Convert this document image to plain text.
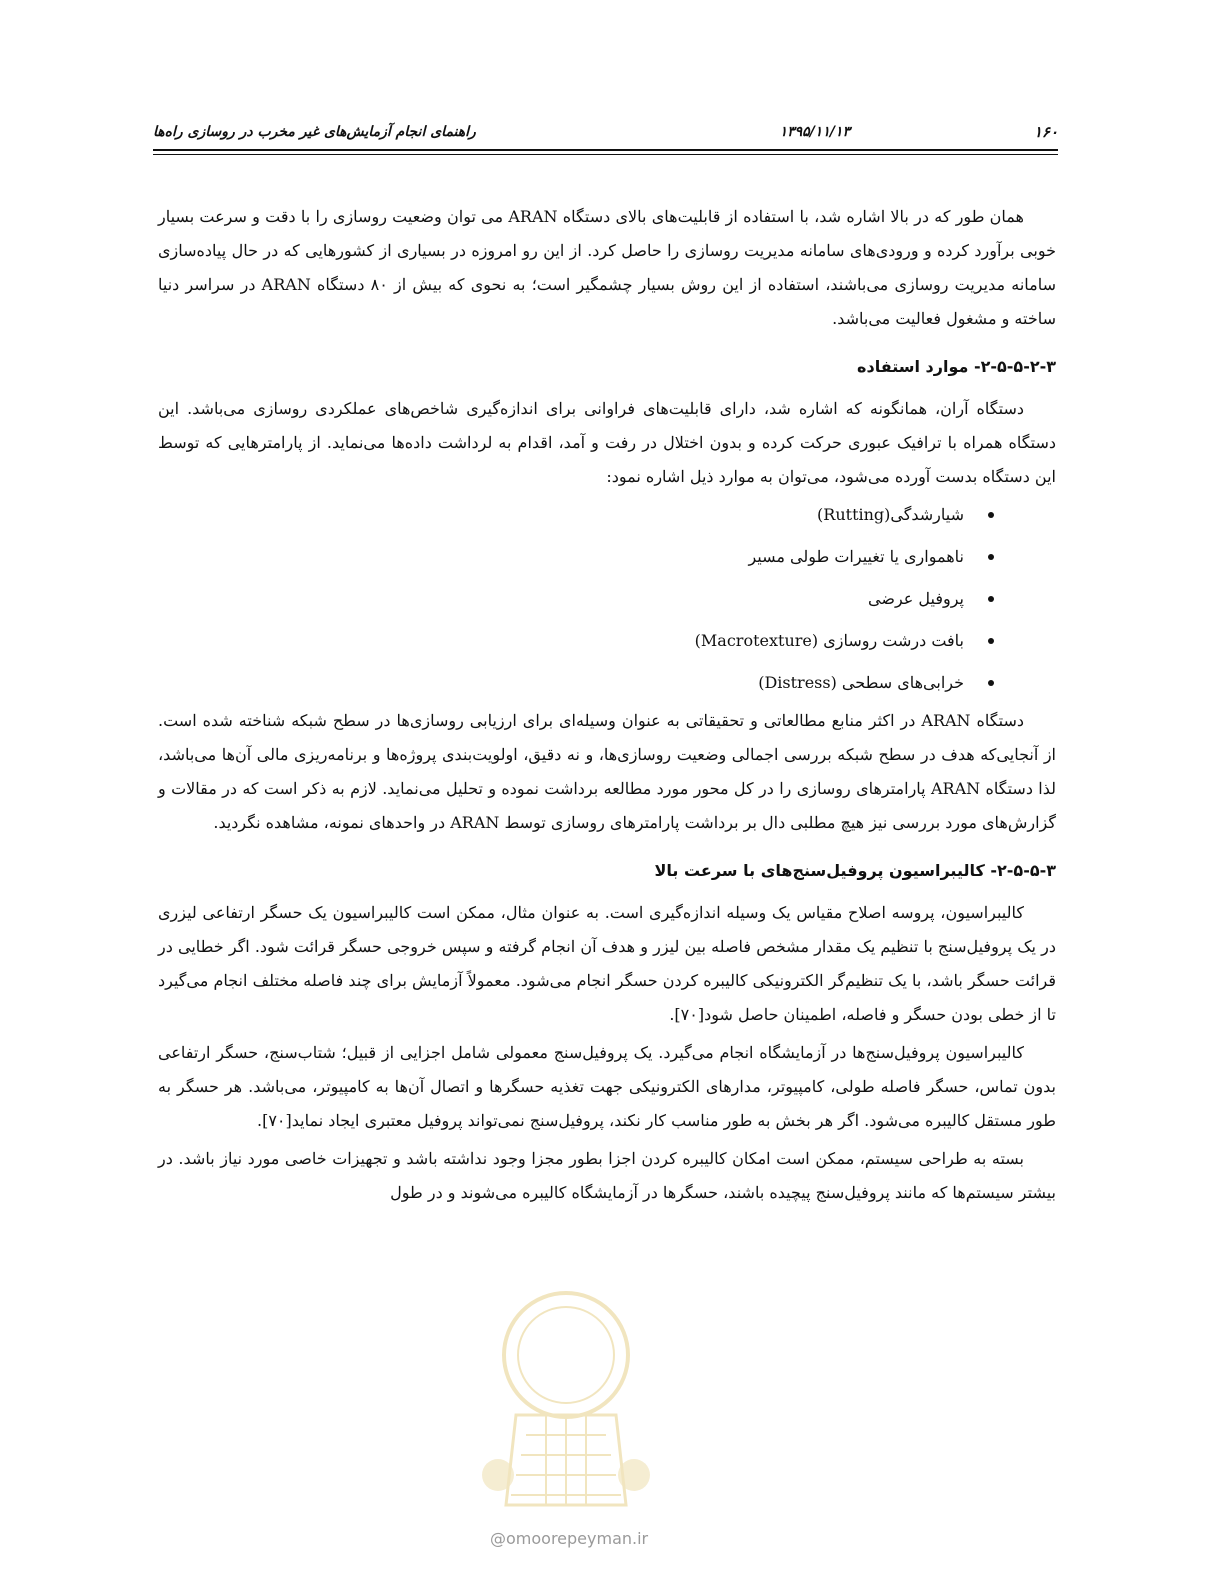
۱۶۰
۱۳۹۵/۱۱/۱۳
راهنمای انجام آزمایش‌های غیر مخرب در روسازی راه‌ها

همان طور که در بالا اشاره شد، با استفاده از قابلیت‌های بالای دستگاه ARAN می توان وضعیت روسازی را با دقت و سرعت بسیار خوبی برآورد کرده و ورودی‌های سامانه مدیریت روسازی را حاصل کرد. از این رو امروزه در بسیاری از کشورهایی که در حال پیاده‌سازی سامانه مدیریت روسازی می‌باشند، استفاده از این روش بسیار چشمگیر است؛ به نحوی که بیش از ۸۰ دستگاه ARAN در سراسر دنیا ساخته و مشغول فعالیت می‌باشد.

۲-۵-۵-۲-۳- موارد استفاده

دستگاه آران، همانگونه که اشاره شد، دارای قابلیت‌های فراوانی برای اندازه‌گیری شاخص‌های عملکردی روسازی می‌باشد. این دستگاه همراه با ترافیک عبوری حرکت کرده و بدون اختلال در رفت و آمد، اقدام به لرداشت داده‌ها می‌نماید. از پارامترهایی که توسط این دستگاه بدست آورده می‌شود، می‌توان به موارد ذیل اشاره نمود:

شیارشدگی(Rutting)
ناهمواری یا تغییرات طولی مسیر
پروفیل عرضی
بافت درشت روسازی (Macrotexture)
خرابی‌های سطحی (Distress)

دستگاه ARAN در اکثر منابع مطالعاتی و تحقیقاتی به عنوان وسیله‌ای برای ارزیابی روسازی‌ها در سطح شبکه شناخته شده است. از آنجایی‌که هدف در سطح شبکه بررسی اجمالی وضعیت روسازی‌ها، و نه دقیق، اولویت‌بندی پروژه‌ها و برنامه‌ریزی مالی آن‌ها می‌باشد، لذا دستگاه ARAN پارامترهای روسازی را در کل محور مورد مطالعه برداشت نموده و تحلیل می‌نماید. لازم به ذکر است که در مقالات و گزارش‌های مورد بررسی نیز هیچ مطلبی دال بر برداشت پارامترهای روسازی توسط ARAN در واحدهای نمونه، مشاهده نگردید.

۲-۵-۵-۳- کالیبراسیون پروفیل‌سنج‌های با سرعت بالا

کالیبراسیون، پروسه اصلاح مقیاس یک وسیله اندازه‌گیری است. به عنوان مثال، ممکن است کالیبراسیون یک حسگر ارتفاعی لیزری در یک پروفیل‌سنج با تنظیم یک مقدار مشخص فاصله بین لیزر و هدف آن انجام گرفته و سپس خروجی حسگر قرائت شود. اگر خطایی در قرائت حسگر باشد، با یک تنظیم‌گر الکترونیکی کالیبره کردن حسگر انجام می‌شود. معمولاً آزمایش برای چند فاصله مختلف انجام می‌گیرد تا از خطی بودن حسگر و فاصله، اطمینان حاصل شود[۷۰].

کالیبراسیون پروفیل‌سنج‌ها در آزمایشگاه انجام می‌گیرد. یک پروفیل‌سنج معمولی شامل اجزایی از قبیل؛ شتاب‌سنج، حسگر ارتفاعی بدون تماس، حسگر فاصله طولی، کامپیوتر، مدارهای الکترونیکی جهت تغذیه حسگرها و اتصال آن‌ها به کامپیوتر، می‌باشد. هر حسگر به طور مستقل کالیبره می‌شود. اگر هر بخش به طور مناسب کار نکند، پروفیل‌سنج نمی‌تواند پروفیل معتبری ایجاد نماید[۷۰].

بسته به طراحی سیستم، ممکن است امکان کالیبره کردن اجزا بطور مجزا وجود نداشته باشد و تجهیزات خاصی مورد نیاز باشد. در بیشتر سیستم‌ها که مانند پروفیل‌سنج پیچیده باشند، حسگرها در آزمایشگاه کالیبره می‌شوند و در طول

@omoorepeyman.ir
